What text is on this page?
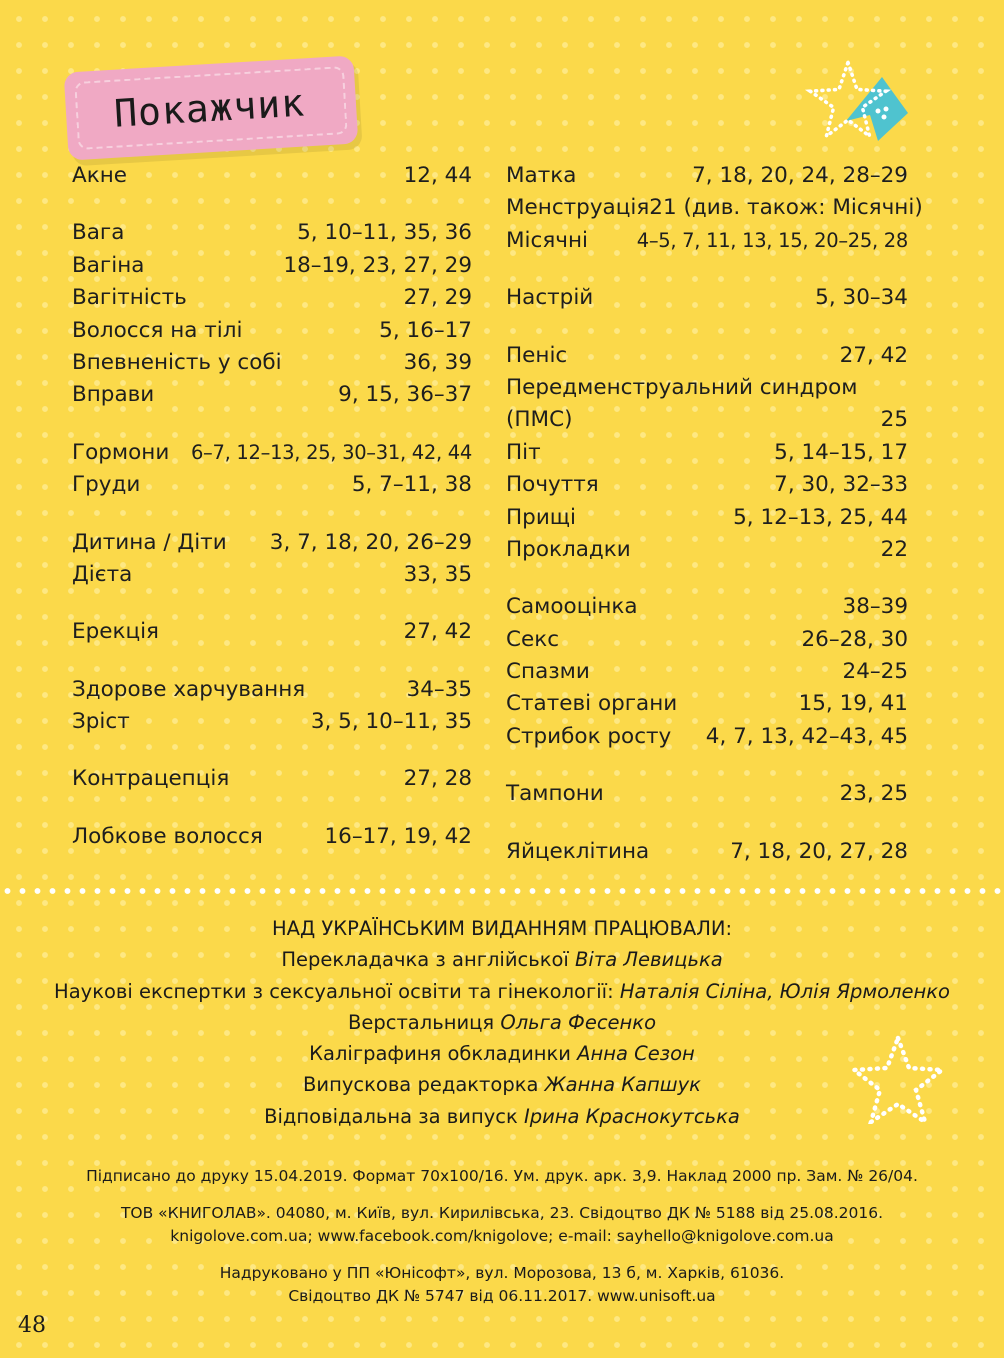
Покажчик
Акне	12, 44
Вага	5, 10–11, 35, 36
Вагіна	18–19, 23, 27, 29
Вагітність	27, 29
Волосся на тілі	5, 16–17
Впевненість у собі	36, 39
Вправи	9, 15, 36–37
Гормони 6–7, 12–13, 25, 30–31, 42, 44
Груди	5, 7–11, 38
Дитина / Діти 3, 7, 18, 20, 26–29
Дієта	33, 35
Ерекція	27, 42
Здорове харчування	34–35
Зріст	3, 5, 10–11, 35
Контрацепція	27, 28
Лобкове волосся	16–17, 19, 42
Матка	7, 18, 20, 24, 28–29
Менструація 21 (див. також: Місячні)
Місячні 4–5, 7, 11, 13, 15, 20–25, 28
Настрій	5, 30–34
Пеніс	27, 42
Передменструальний синдром
(ПМС)	25
Піт	5, 14–15, 17
Почуття	7, 30, 32–33
Прищі	5, 12–13, 25, 44
Прокладки	22
Самооцінка	38–39
Секс	26–28, 30
Спазми	24–25
Статеві органи	15, 19, 41
Стрибок росту 4, 7, 13, 42–43, 45
Тампони	23, 25
Яйцеклітина	7, 18, 20, 27, 28
НАД УКРАЇНСЬКИМ ВИДАННЯМ ПРАЦЮВАЛИ:
Перекладачка з англійської Віта Левицька
Наукові експертки з сексуальної освіти та гінекології: Наталія Сіліна, Юлія Ярмоленко
Верстальниця Ольга Фесенко
Каліграфиня обкладинки Анна Сезон
Випускова редакторка Жанна Капшук
Відповідальна за випуск Ірина Краснокутська
Підписано до друку 15.04.2019. Формат 70х100/16. Ум. друк. арк. 3,9. Наклад 2000 пр. Зам. № 26/04.
ТОВ «КНИГОЛАВ». 04080, м. Київ, вул. Кирилівська, 23. Свідоцтво ДК № 5188 від 25.08.2016.
knigolove.com.ua; www.facebook.com/knigolove; e-mail: sayhello@knigolove.com.ua
Надруковано у ПП «Юнісофт», вул. Морозова, 13 б, м. Харків, 61036.
Свідоцтво ДК № 5747 від 06.11.2017. www.unisoft.ua
48
